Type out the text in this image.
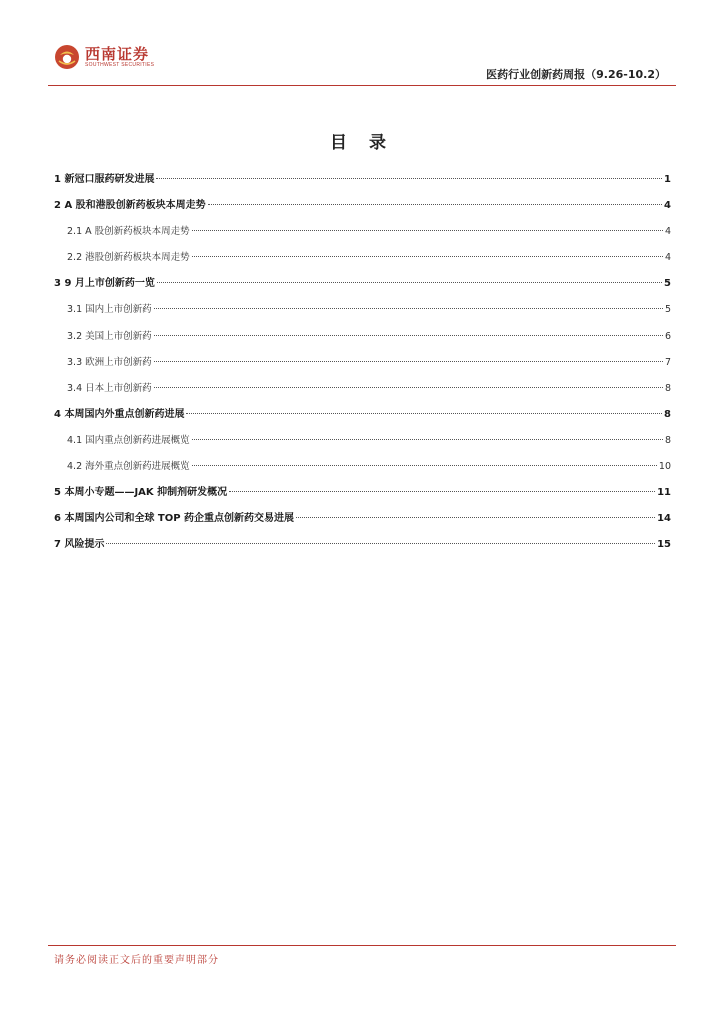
西南证券
SOUTHWEST SECURITIES
医药行业创新药周报（9.26-10.2）
目 录
1 新冠口服药研发进展	1
2 A 股和港股创新药板块本周走势	4
2.1 A 股创新药板块本周走势	4
2.2 港股创新药板块本周走势	4
3 9 月上市创新药一览	5
3.1 国内上市创新药	5
3.2 美国上市创新药	6
3.3 欧洲上市创新药	7
3.4 日本上市创新药	8
4 本周国内外重点创新药进展	8
4.1 国内重点创新药进展概览	8
4.2 海外重点创新药进展概览	10
5 本周小专题——JAK 抑制剂研发概况	11
6 本周国内公司和全球 TOP 药企重点创新药交易进展	14
7 风险提示	15
请务必阅读正文后的重要声明部分
